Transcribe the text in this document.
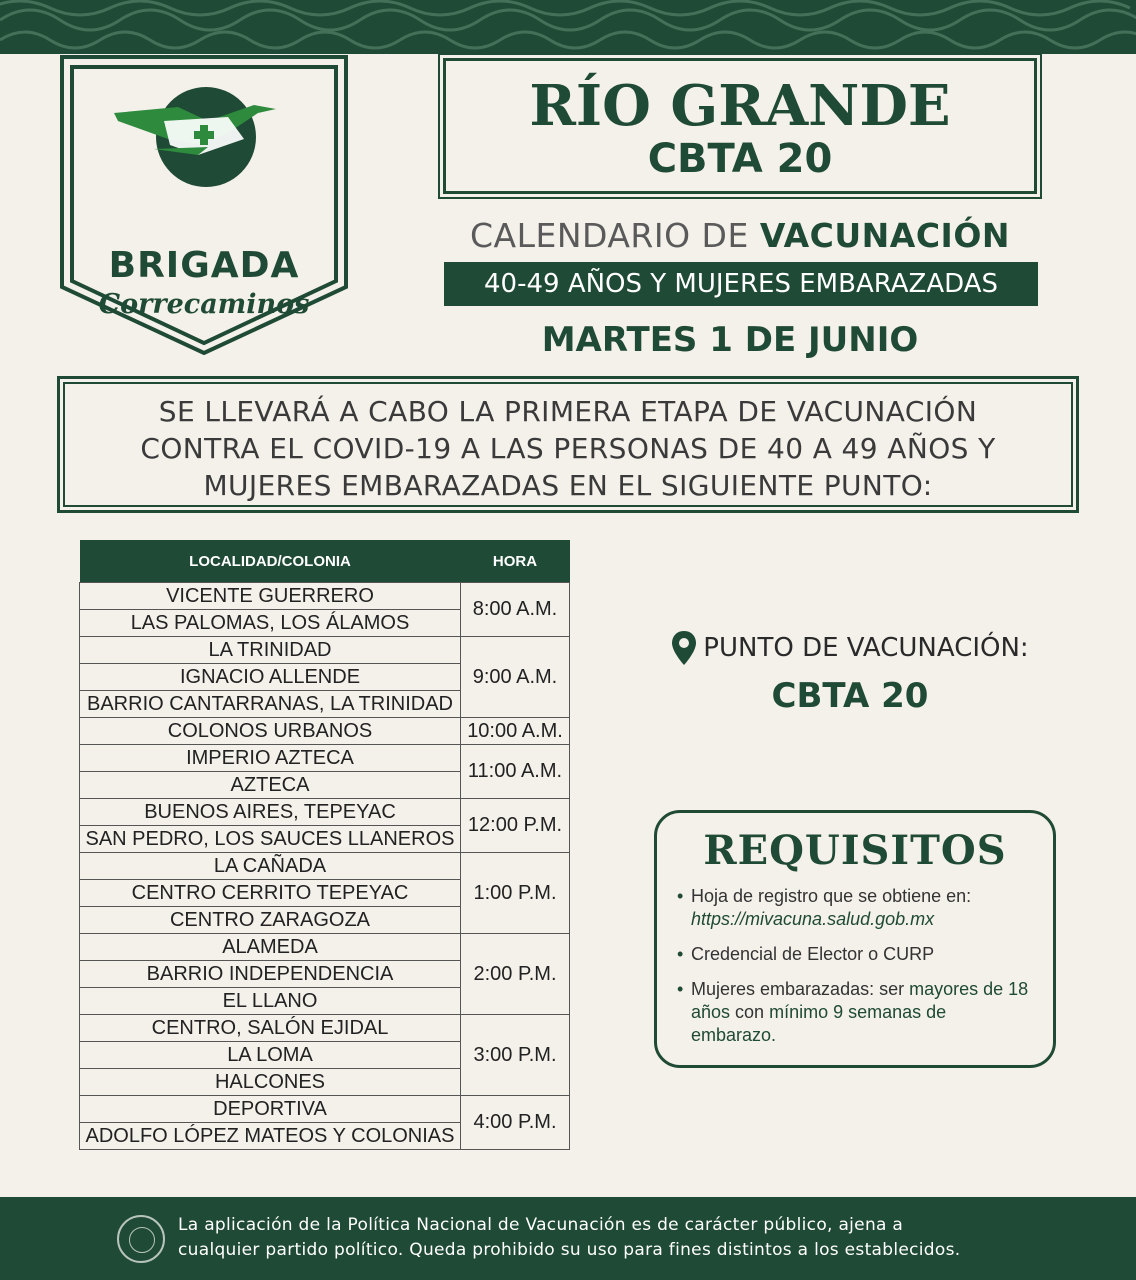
BRIGADA
Correcaminos
RÍO GRANDE
CBTA 20
CALENDARIO DE VACUNACIÓN
40-49 AÑOS Y MUJERES EMBARAZADAS
MARTES 1 DE JUNIO

SE LLEVARÁ A CABO LA PRIMERA ETAPA DE VACUNACIÓN

CONTRA EL COVID-19 A LAS PERSONAS DE 40 A 49 AÑOS Y

MUJERES EMBARAZADAS EN EL SIGUIENTE PUNTO:

LOCALIDAD/COLONIA	HORA
VICENTE GUERRERO	8:00 A.M.
LAS PALOMAS, LOS ÁLAMOS	
LA TRINIDAD	9:00 A.M.
IGNACIO ALLENDE	
BARRIO CANTARRANAS, LA TRINIDAD	
COLONOS URBANOS	10:00 A.M.
IMPERIO AZTECA	11:00 A.M.
AZTECA	
BUENOS AIRES, TEPEYAC	12:00 P.M.
SAN PEDRO, LOS SAUCES LLANEROS	
LA CAÑADA	1:00 P.M.
CENTRO CERRITO TEPEYAC	
CENTRO ZARAGOZA	
ALAMEDA	2:00 P.M.
BARRIO INDEPENDENCIA	
EL LLANO	
CENTRO, SALÓN EJIDAL	3:00 P.M.
LA LOMA	
HALCONES	
DEPORTIVA	4:00 P.M.
ADOLFO LÓPEZ MATEOS Y COLONIAS	
PUNTO DE VACUNACIÓN:
CBTA 20
REQUISITOS
• Hoja de registro que se obtiene en: https://mivacuna.salud.gob.mx
• Credencial de Elector o CURP
• Mujeres embarazadas: ser mayores de 18 años con mínimo 9 semanas de embarazo.
La aplicación de la Política Nacional de Vacunación es de carácter público, ajena a
cualquier partido político. Queda prohibido su uso para fines distintos a los establecidos.
